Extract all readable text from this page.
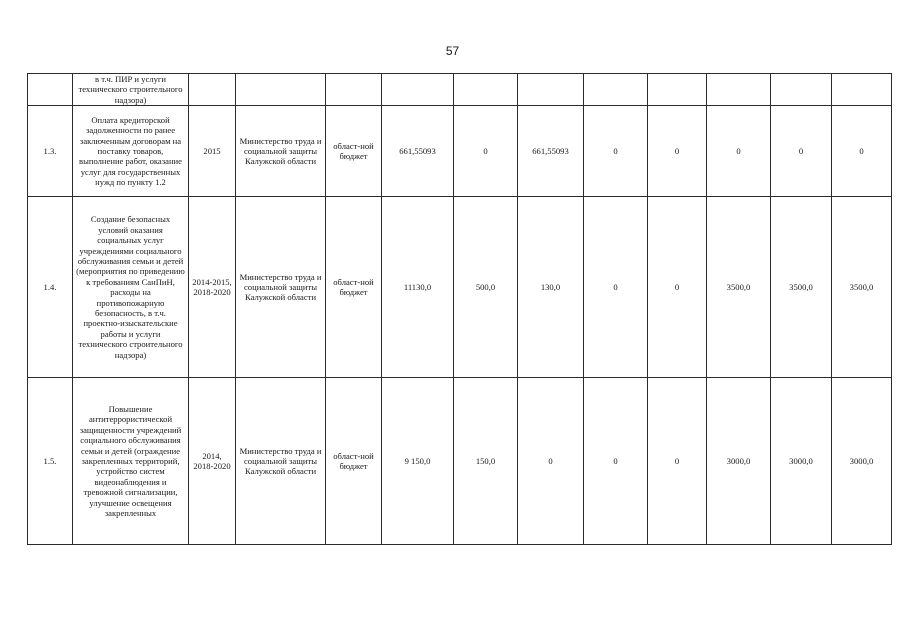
57

	в т.ч. ПИР и услуги технического строительного надзора)											

1.3.	Оплата кредиторской задолженности по ранее заключенным договорам на поставку товаров, выполнение работ, оказание услуг для государственных нужд по пункту 1.2	2015	Министерство труда и социальной защиты Калужской области	област-ной бюджет	661,55093	0	661,55093	0	0	0	0	0
1.4.	Создание безопасных условий оказания социальных услуг учреждениями социального обслуживания семьи и детей (мероприятия по приведению к требованиям СанПиН, расходы на противопожарную безопасность, в т.ч. проектно-изыскательские работы и услуги технического строительного надзора)	2014-2015, 2018-2020	Министерство труда и социальной защиты Калужской области	област-ной бюджет	11130,0	500,0	130,0	0	0	3500,0	3500,0	3500,0
1.5.	Повышение антитеррористической защищенности учреждений социального обслуживания семьи и детей (ограждение закрепленных территорий, устройство систем видеонаблюдения и тревожной сигнализации, улучшение освещения закрепленных	2014, 2018-2020	Министерство труда и социальной защиты Калужской области	област-ной бюджет	9 150,0	150,0	0	0	0	3000,0	3000,0	3000,0
